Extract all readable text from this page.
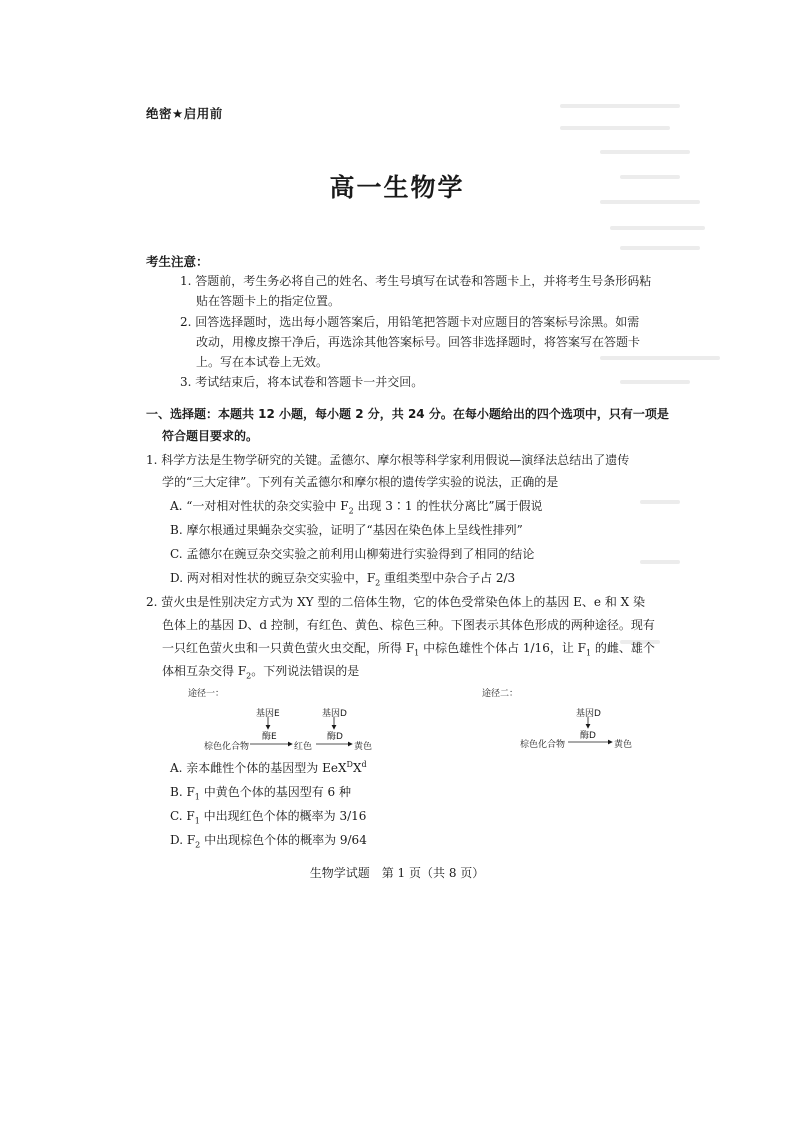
绝密★启用前
高一生物学
考生注意：
1. 答题前，考生务必将自己的姓名、考生号填写在试卷和答题卡上，并将考生号条形码粘
贴在答题卡上的指定位置。
2. 回答选择题时，选出每小题答案后，用铅笔把答题卡对应题目的答案标号涂黑。如需
改动，用橡皮擦干净后，再选涂其他答案标号。回答非选择题时，将答案写在答题卡
上。写在本试卷上无效。
3. 考试结束后，将本试卷和答题卡一并交回。
一、选择题：本题共 12 小题，每小题 2 分，共 24 分。在每小题给出的四个选项中，只有一项是
符合题目要求的。
1. 科学方法是生物学研究的关键。孟德尔、摩尔根等科学家利用假说—演绎法总结出了遗传
学的“三大定律”。下列有关孟德尔和摩尔根的遗传学实验的说法，正确的是
A. “一对相对性状的杂交实验中 $F_2$ 出现 3∶1 的性状分离比”属于假说
B. 摩尔根通过果蝇杂交实验，证明了“基因在染色体上呈线性排列”
C. 孟德尔在豌豆杂交实验之前利用山柳菊进行实验得到了相同的结论
D. 两对相对性状的豌豆杂交实验中，$F_2$ 重组类型中杂合子占 2/3
2. 萤火虫是性别决定方式为 XY 型的二倍体生物，它的体色受常染色体上的基因 E、e 和 X 染
色体上的基因 D、d 控制，有红色、黄色、棕色三种。下图表示其体色形成的两种途径。现有
一只红色萤火虫和一只黄色萤火虫交配，所得 $F_1$ 中棕色雄性个体占 1/16，让 $F_1$ 的雌、雄个
体相互杂交得 $F_2$。下列说法错误的是
途径一：
基因E	基因D
酶E	酶D
棕色化合物	红色	黄色
途径二：
基因D
酶D
棕色化合物	黄色
A. 亲本雌性个体的基因型为 $EeX^DX^d$
B. $F_1$ 中黄色个体的基因型有 6 种
C. $F_1$ 中出现红色个体的概率为 3/16
D. $F_2$ 中出现棕色个体的概率为 9/64
生物学试题　第 1 页（共 8 页）
